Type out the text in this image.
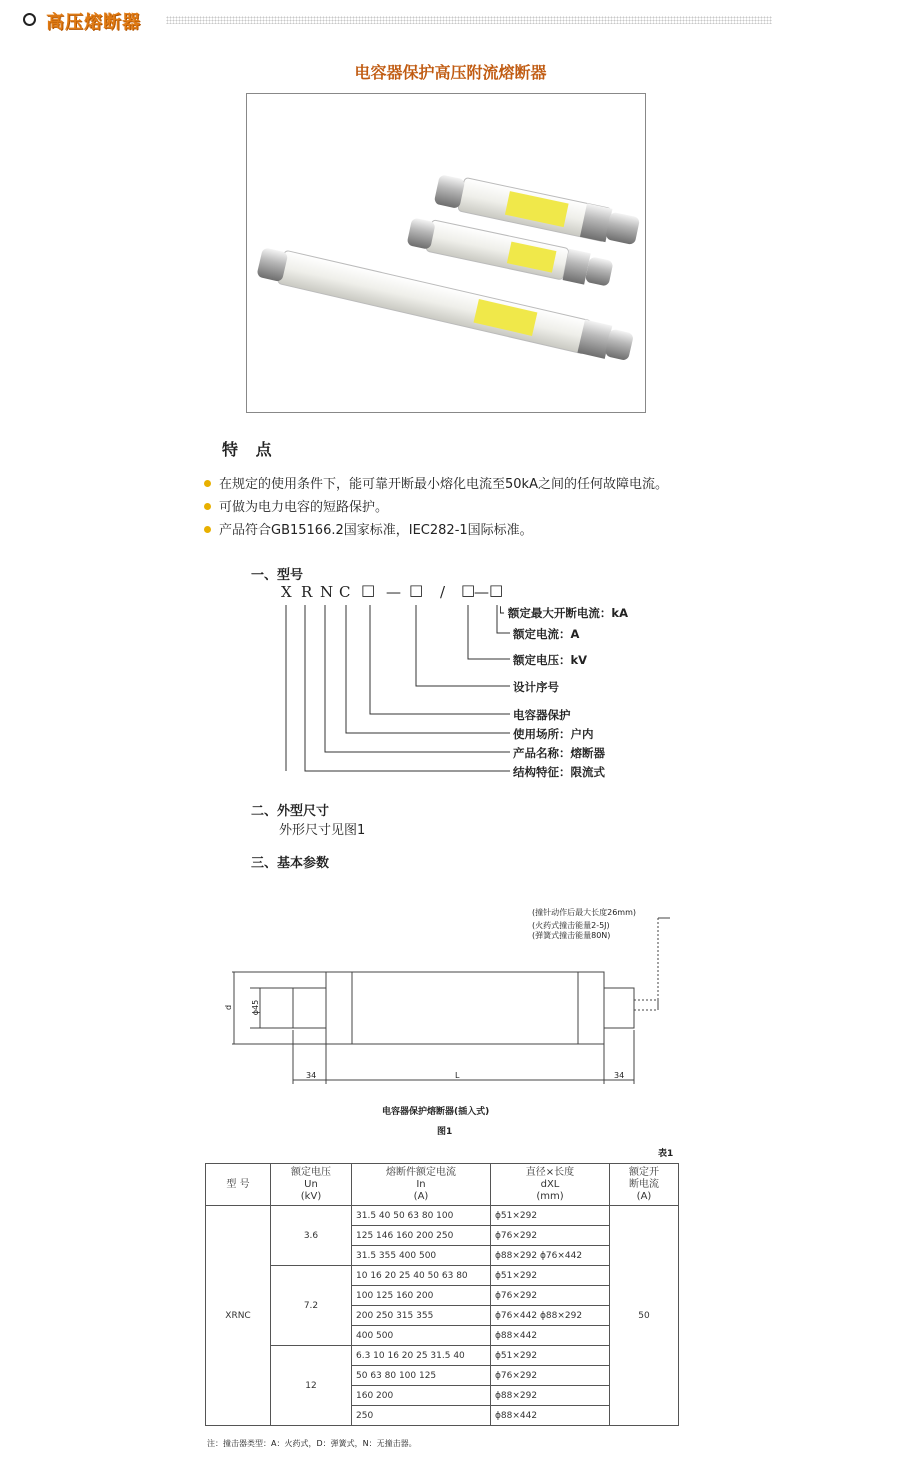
高压熔断器
电容器保护高压附流熔断器
特 点
在规定的使用条件下，能可靠开断最小熔化电流至50kA之间的任何故障电流。
可做为电力电容的短路保护。
产品符合GB15166.2国家标准，IEC282-1国际标准。
一、型号
X R N C □ — □ / □
— □
└ 额定最大开断电流：kA
额定电流：A
额定电压：kV
设计序号
电容器保护
使用场所：户内
产品名称：熔断器
结构特征：限流式
二、外型尺寸
外形尺寸见图1
三、基本参数
(撞针动作后最大长度26mm)
(火药式撞击能量2-5J)
(弹簧式撞击能量80N)
d ϕ45
34	L	34
电容器保护熔断器(插入式)
图1
表1
型 号	额定电压
Un
(kV)	熔断件额定电流
In
(A)	直径×长度
dXL
(mm)	额定开
断电流
(A)
XRNC	3.6	31.5 40 50 63 80 100	ϕ51×292	50
		125 146 160 200 250	ϕ76×292	
		31.5 355 400 500	ϕ88×292 ϕ76×442	
	7.2	10 16 20 25 40 50 63 80	ϕ51×292	
		100 125 160 200	ϕ76×292	
		200 250 315 355	ϕ76×442 ϕ88×292	
		400 500	ϕ88×442	
	12	6.3 10 16 20 25 31.5 40	ϕ51×292	
		50 63 80 100 125	ϕ76×292	
		160 200	ϕ88×292	
		250	ϕ88×442	
注：撞击器类型：A：火药式，D：弹簧式，N：无撞击器。
